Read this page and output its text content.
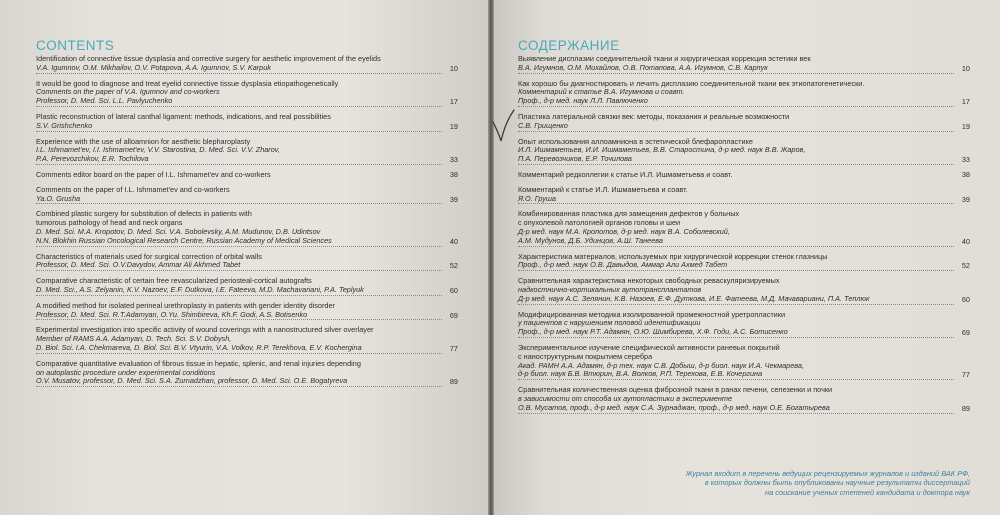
CONTENTS
Identification of connective tissue dysplasia and corrective surgery for aesthetic improvement of the eyelids
V.A. Igumnov, O.M. Mikhailov, O.V. Potapova, A.A. Igumnov, S.V. Karpuk	10
It would be good to diagnose and treat eyelid connective tissue dysplasia etiopathogenetically
Comments on the paper of V.A. Igumnov and co-workers
Professor, D. Med. Sci. L.L. Pavlyuchenko	17
Plastic reconstruction of lateral canthal ligament: methods, indications, and real possibilities
S.V. Grishchenko	19
Experience with the use of alloamnion for aesthetic blepharoplasty
I.L. Ishmamet'ev, I.I. Ishmamet'ev, V.V. Starostina, D. Med. Sci. V.V. Zharov,
P.A. Perevozchikov, E.R. Tochilova	33
Comments editor board on the paper of I.L. Ishmamet'ev and co-workers	38
Comments on the paper of I.L. Ishmamet'ev and co-workers
Ya.O. Grusha	39
Combined plastic surgery for substitution of defects in patients with
tumorous pathology of head and neck organs
D. Med. Sci. M.A. Kropotov, D. Med. Sci. V.A. Sobolevsky, A.M. Mudunov, D.B. Udintsov
N.N. Blokhin Russian Oncological Research Centre, Russian Academy of Medical Sciences	40
Characteristics of materials used for surgical correction of orbital walls
Professor, D. Med. Sci. O.V.Davydov, Ammar Ali Akhmed Tabet	52
Comparative characteristic of certain free revascularized periosteal-cortical autografts
D. Med. Sci., A.S. Zelyanin, K.V. Nazoev, E.F. Dutkova, I.E. Fateeva, M.D. Machavariani, P.A. Teplyuk	60
A modified method for isolated perineal urethroplasty in patients with gender identity disorder
Professor, D. Med. Sci. R.T.Adamyan, O.Yu. Shimbireva, Kh.F. Godi, A.S. Botisenko	69
Experimental investigation into specific activity of wound coverings with a nanostructured silver overlayer
Member of RAMS A.A. Adamyan, D. Tech. Sci. S.V. Dobysh,
D. Biol. Sci. I.A. Chekmareva, D. Biol. Sci. B.V. Vtyurin, V.A. Volkov, R.P. Terekhova, E.V. Kochergina	77
Comparative quantitative evaluation of fibrous tissue in hepatic, splenic, and renal injuries depending
on autoplastic procedure under experimental conditions
O.V. Musatov, professor, D. Med. Sci. S.A. Zurnadzhan, professor, D. Med. Sci. O.E. Bogatyreva	89
СОДЕРЖАНИЕ
Выявление дисплазии соединительной ткани и хирургическая коррекция эстетики век
В.А. Игумнов, О.М. Михайлов, О.В. Потапова, А.А. Игумнов, С.В. Карпук	10
Как хорошо бы диагностировать и лечить дисплазию соединительной ткани век этиопатогенетически.
Комментарий к статье В.А. Игумнова и соавт.
Проф., д-р мед. наук Л.Л. Павлюченко	17
Пластика латеральной связки век: методы, показания и реальные возможности
С.В. Грищенко	19
Опыт использования аллоамниона в эстетической блефаропластике
И.Л. Ишмаметьев, И.И. Ишмаметьев, В.В. Старостина, д-р мед. наук В.В. Жаров,
П.А. Перевозчиков, Е.Р. Точилова	33
Комментарий редколлегии к статье И.Л. Ишмаметьева и соавт.	38
Комментарий к статье И.Л. Ишмаметьева и соавт.
Я.О. Груша	39
Комбинированная пластика для замещения дефектов у больных
с опухолевой патологией органов головы и шеи
Д-р мед. наук М.А. Кропотов, д-р мед. наук В.А. Соболевский,
А.М. Мудунов, Д.Б. Удинцов, А.Ш. Танеева	40
Характеристика материалов, используемых при хирургической коррекции стенок глазницы
Проф., д-р мед. наук О.В. Давыдов, Аммар Али Ахмед Табет	52
Сравнительная характеристика некоторых свободных реваскуляризируемых
надкостнично-кортикальных аутотрансплантатов
Д-р мед. наук А.С. Зелянин, К.В. Назоев, Е.Ф. Дуткова, И.Е. Фатеева, М.Д. Мачавариани, П.А. Теплюк	60
Модифицированная методика изолированной промежностной уретропластики
у пациентов с нарушением половой идентификации
Проф., д-р мед. наук Р.Т. Адамян, О.Ю. Шимбирева, Х.Ф. Годи, А.С. Ботисенко	69
Экспериментальное изучение специфической активности раневых покрытий
с наноструктурным покрытием серебра
Акад. РАМН А.А. Адамян, д-р тех. наук С.В. Добыш, д-р биол. наук И.А. Чекмарева,
д-р биол. наук Б.В. Втюрин, В.А. Волков, Р.П. Терехова, Е.В. Кочергина	77
Сравнительная количественная оценка фиброзной ткани в ранах печени, селезенки и почки
в зависимости от способа их аутопластики в эксперименте
О.В. Мусатов, проф., д-р мед. наук С.А. Зурнаджан, проф., д-р мед. наук О.Е. Богатырева	89
Журнал входит в перечень ведущих рецензируемых журналов и изданий ВАК РФ,
в которых должны быть опубликованы научные результаты диссертаций
на соискание ученых степеней кандидата и доктора наук
